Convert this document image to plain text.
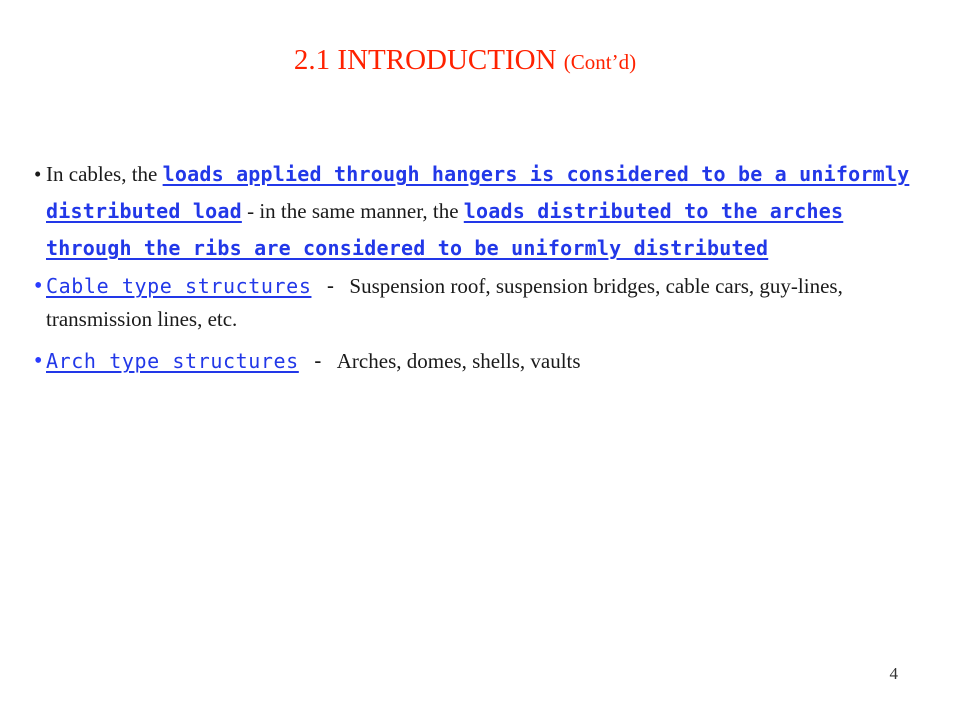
2.1 INTRODUCTION (Cont’d)
• In cables, the loads applied through hangers is considered to be a uniformly distributed load - in the same manner, the loads distributed to the arches through the ribs are considered to be uniformly distributed
• Cable type structures - Suspension roof, suspension bridges, cable cars, guy-lines, transmission lines, etc.
• Arch type structures - Arches, domes, shells, vaults
4
